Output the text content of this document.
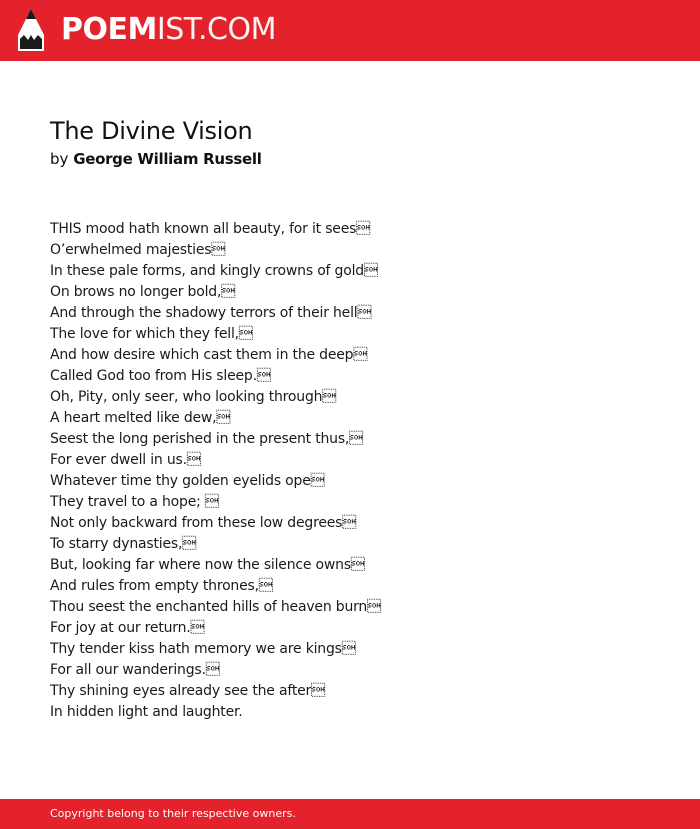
POEMIST.COM
The Divine Vision
by George William Russell
THIS mood hath known all beauty, for it sees
O’erwhelmed majesties
In these pale forms, and kingly crowns of gold
On brows no longer bold,
And through the shadowy terrors of their hell
The love for which they fell,
And how desire which cast them in the deep
Called God too from His sleep.
Oh, Pity, only seer, who looking through
A heart melted like dew,
Seest the long perished in the present thus,
For ever dwell in us.
Whatever time thy golden eyelids ope
They travel to a hope; 
Not only backward from these low degrees
To starry dynasties,
But, looking far where now the silence owns
And rules from empty thrones,
Thou seest the enchanted hills of heaven burn
For joy at our return.
Thy tender kiss hath memory we are kings
For all our wanderings.
Thy shining eyes already see the after
In hidden light and laughter.
Copyright belong to their respective owners.
